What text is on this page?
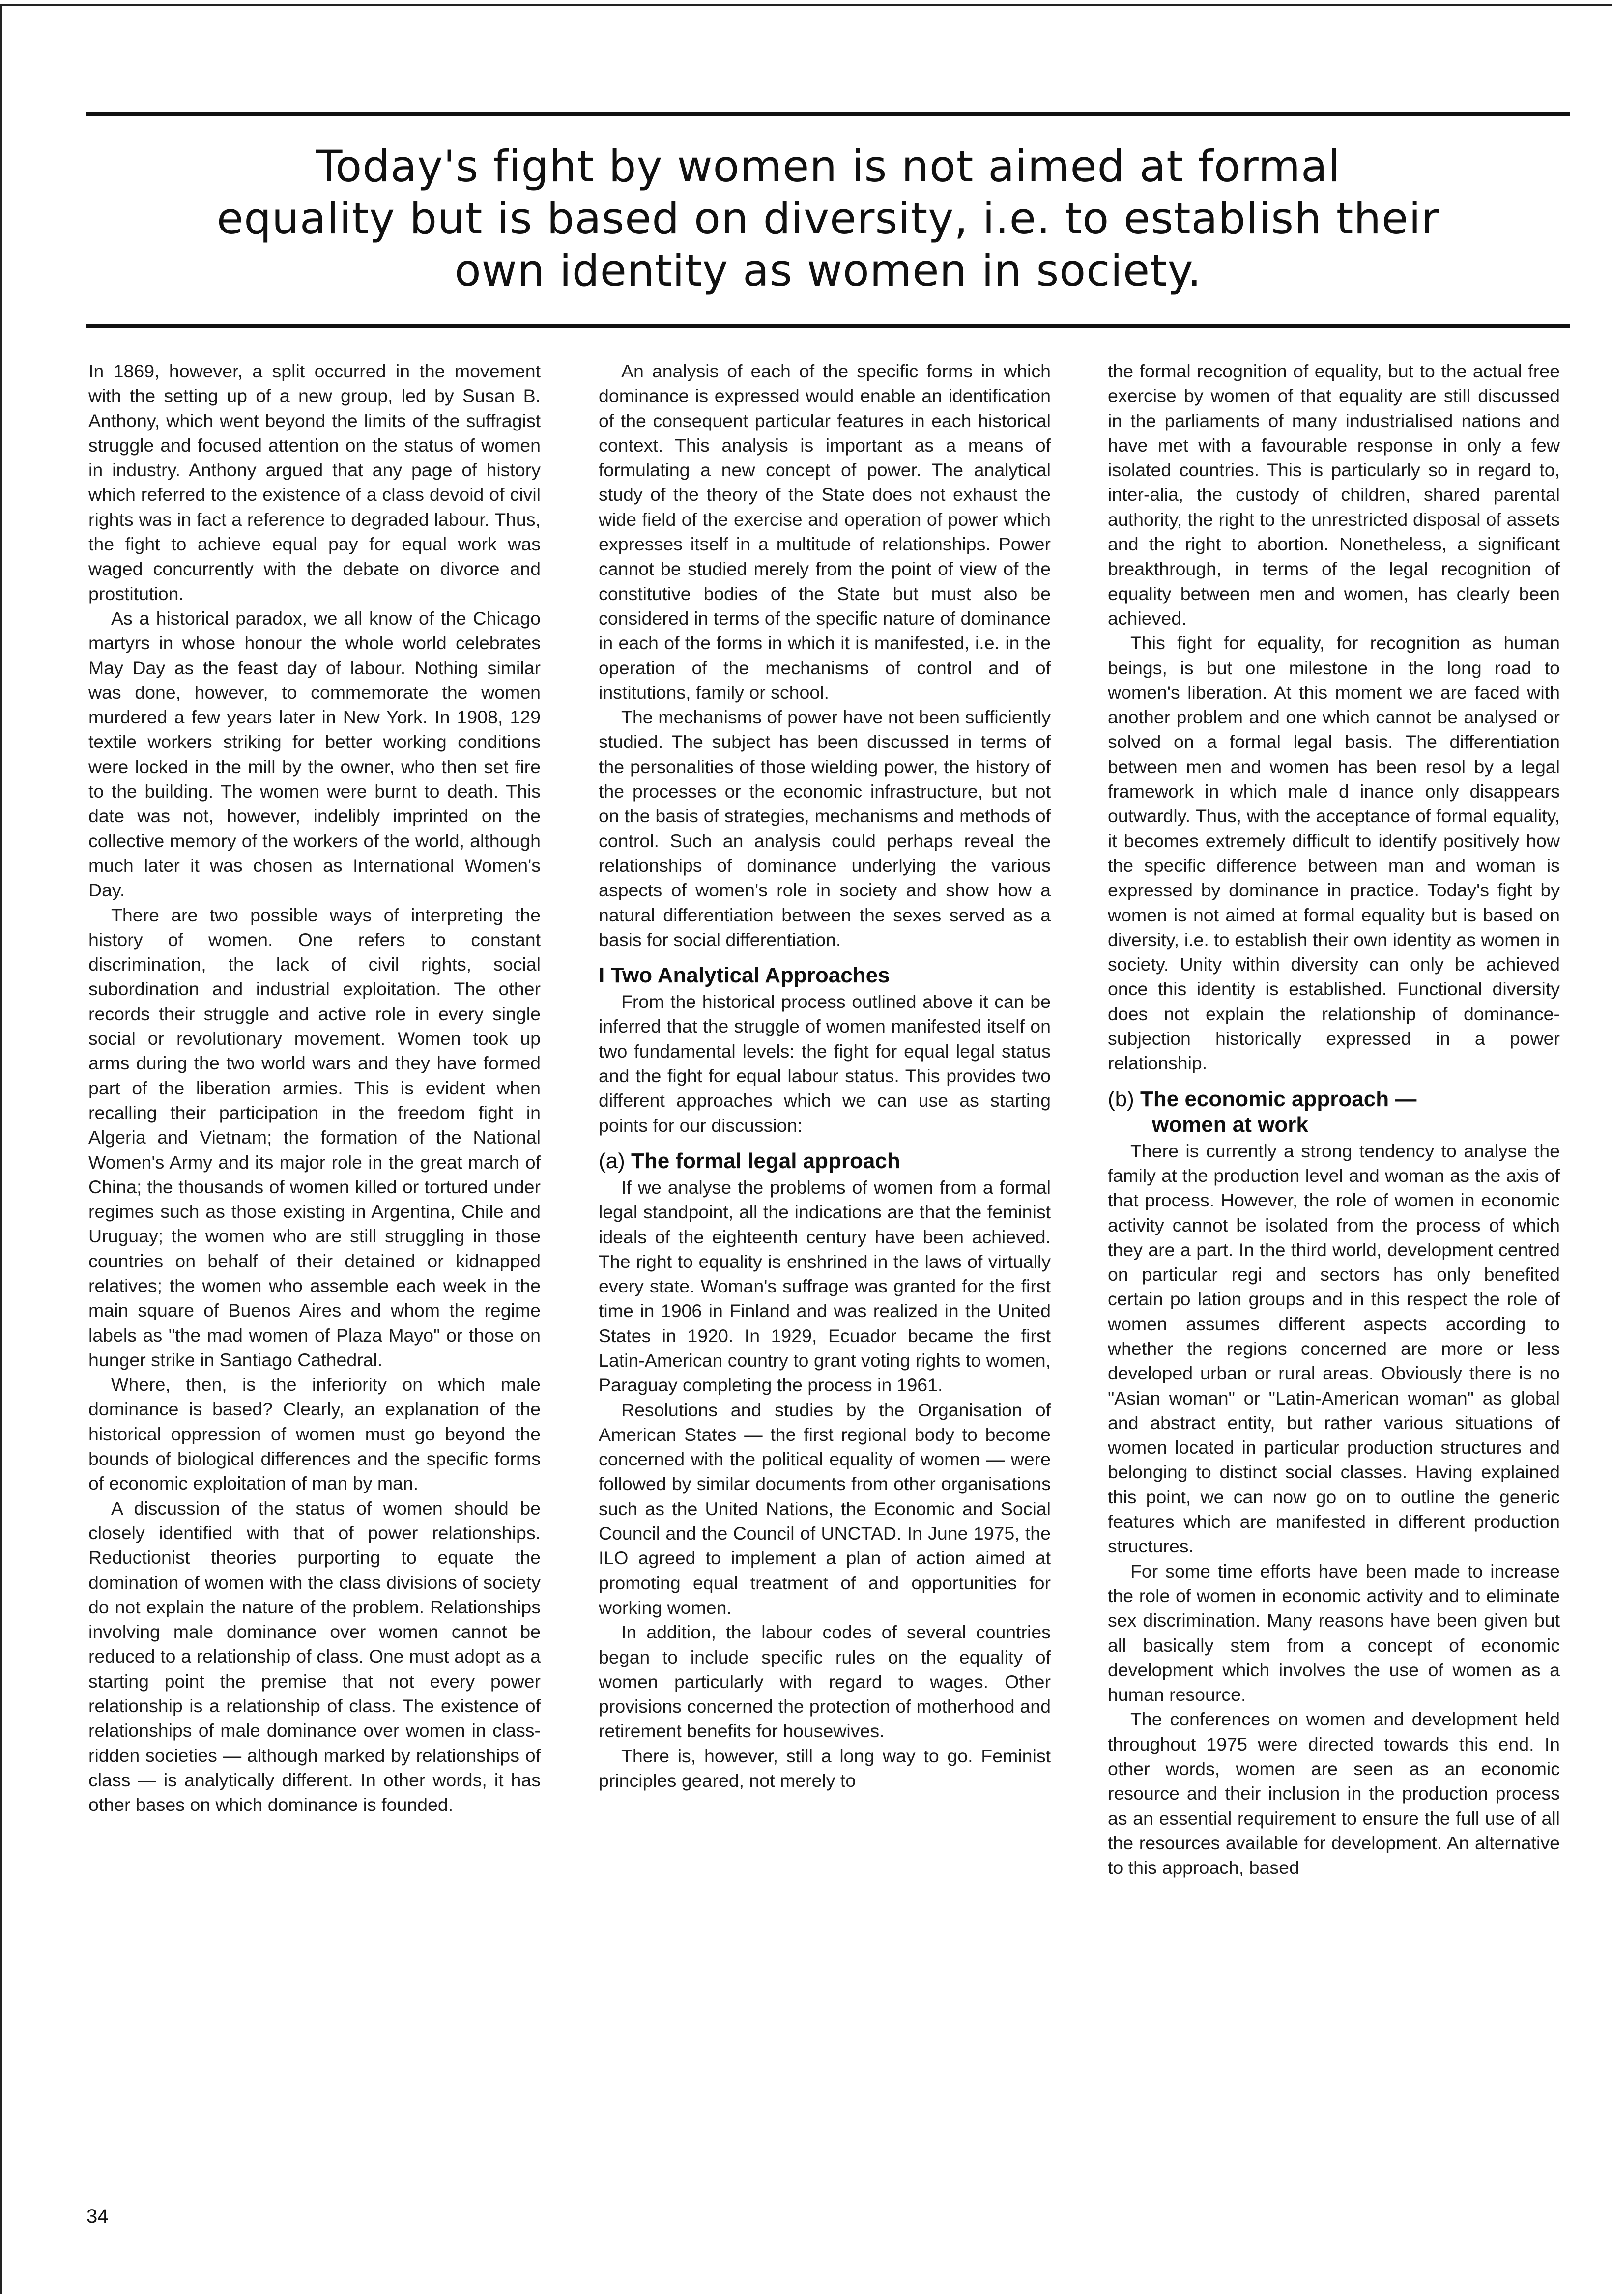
Today's fight by women is not aimed at formal
equality but is based on diversity, i.e. to establish their
own identity as women in society.

In 1869, however, a split occurred in the movement with the setting up of a new group, led by Susan B. Anthony, which went beyond the limits of the suffragist struggle and focused attention on the status of women in industry. Anthony argued that any page of history which referred to the existence of a class devoid of civil rights was in fact a reference to degraded labour. Thus, the fight to achieve equal pay for equal work was waged concurrently with the debate on divorce and prostitution.

As a historical paradox, we all know of the Chicago martyrs in whose honour the whole world celebrates May Day as the feast day of labour. Nothing similar was done, however, to commemorate the women murdered a few years later in New York. In 1908, 129 textile workers striking for better working conditions were locked in the mill by the owner, who then set fire to the building. The women were burnt to death. This date was not, however, indelibly imprinted on the collective memory of the workers of the world, although much later it was chosen as International Women's Day.

There are two possible ways of interpreting the history of women. One refers to constant discrimination, the lack of civil rights, social subordination and industrial exploitation. The other records their struggle and active role in every single social or revolutionary movement. Women took up arms during the two world wars and they have formed part of the liberation armies. This is evident when recalling their participation in the freedom fight in Algeria and Vietnam; the formation of the National Women's Army and its major role in the great march of China; the thousands of women killed or tortured under regimes such as those existing in Argentina, Chile and Uruguay; the women who are still struggling in those countries on behalf of their detained or kidnapped relatives; the women who assemble each week in the main square of Buenos Aires and whom the regime labels as "the mad women of Plaza Mayo" or those on hunger strike in Santiago Cathedral.

Where, then, is the inferiority on which male dominance is based? Clearly, an explanation of the historical oppression of women must go beyond the bounds of biological differences and the specific forms of economic exploitation of man by man.

A discussion of the status of women should be closely identified with that of power relationships. Reductionist theories purporting to equate the domination of women with the class divisions of society do not explain the nature of the problem. Relationships involving male dominance over women cannot be reduced to a relationship of class. One must adopt as a starting point the premise that not every power relationship is a relationship of class. The existence of relationships of male dominance over women in class-ridden societies — although marked by relationships of class — is analytically different. In other words, it has other bases on which dominance is founded.

An analysis of each of the specific forms in which dominance is expressed would enable an identification of the consequent particular features in each historical context. This analysis is important as a means of formulating a new concept of power. The analytical study of the theory of the State does not exhaust the wide field of the exercise and operation of power which expresses itself in a multitude of relationships. Power cannot be studied merely from the point of view of the constitutive bodies of the State but must also be considered in terms of the specific nature of dominance in each of the forms in which it is manifested, i.e. in the operation of the mechanisms of control and of institutions, family or school.

The mechanisms of power have not been sufficiently studied. The subject has been discussed in terms of the personalities of those wielding power, the history of the processes or the economic infrastructure, but not on the basis of strategies, mechanisms and methods of control. Such an analysis could perhaps reveal the relationships of dominance underlying the various aspects of women's role in society and show how a natural differentiation between the sexes served as a basis for social differentiation.

I Two Analytical Approaches

From the historical process outlined above it can be inferred that the struggle of women manifested itself on two fundamental levels: the fight for equal legal status and the fight for equal labour status. This provides two different approaches which we can use as starting points for our discussion:

(a) The formal legal approach

If we analyse the problems of women from a formal legal standpoint, all the indications are that the feminist ideals of the eighteenth century have been achieved. The right to equality is enshrined in the laws of virtually every state. Woman's suffrage was granted for the first time in 1906 in Finland and was realized in the United States in 1920. In 1929, Ecuador became the first Latin-American country to grant voting rights to women, Paraguay completing the process in 1961.

Resolutions and studies by the Organisation of American States — the first regional body to become concerned with the political equality of women — were followed by similar documents from other organisations such as the United Nations, the Economic and Social Council and the Council of UNCTAD. In June 1975, the ILO agreed to implement a plan of action aimed at promoting equal treatment of and opportunities for working women.

In addition, the labour codes of several countries began to include specific rules on the equality of women particularly with regard to wages. Other provisions concerned the protection of motherhood and retirement benefits for housewives.

There is, however, still a long way to go. Feminist principles geared, not merely to

the formal recognition of equality, but to the actual free exercise by women of that equality are still discussed in the parliaments of many industrialised nations and have met with a favourable response in only a few isolated countries. This is particularly so in regard to, inter-alia, the custody of children, shared parental authority, the right to the unrestricted disposal of assets and the right to abortion. Nonetheless, a significant breakthrough, in terms of the legal recognition of equality between men and women, has clearly been achieved.

This fight for equality, for recognition as human beings, is but one milestone in the long road to women's liberation. At this moment we are faced with another problem and one which cannot be analysed or solved on a formal legal basis. The differentiation between men and women has been resol by a legal framework in which male d inance only disappears outwardly. Thus, with the acceptance of formal equality, it becomes extremely difficult to identify positively how the specific difference between man and woman is expressed by dominance in practice. Today's fight by women is not aimed at formal equality but is based on diversity, i.e. to establish their own identity as women in society. Unity within diversity can only be achieved once this identity is established. Functional diversity does not explain the relationship of dominance-subjection historically expressed in a power relationship.

(b) The economic approach —
women at work

There is currently a strong tendency to analyse the family at the production level and woman as the axis of that process. However, the role of women in economic activity cannot be isolated from the process of which they are a part. In the third world, development centred on particular regi and sectors has only benefited certain po lation groups and in this respect the role of women assumes different aspects according to whether the regions concerned are more or less developed urban or rural areas. Obviously there is no "Asian woman" or "Latin-American woman" as global and abstract entity, but rather various situations of women located in particular production structures and belonging to distinct social classes. Having explained this point, we can now go on to outline the generic features which are manifested in different production structures.

For some time efforts have been made to increase the role of women in economic activity and to eliminate sex discrimination. Many reasons have been given but all basically stem from a concept of economic development which involves the use of women as a human resource.

The conferences on women and development held throughout 1975 were directed towards this end. In other words, women are seen as an economic resource and their inclusion in the production process as an essential requirement to ensure the full use of all the resources available for development. An alternative to this approach, based

34
